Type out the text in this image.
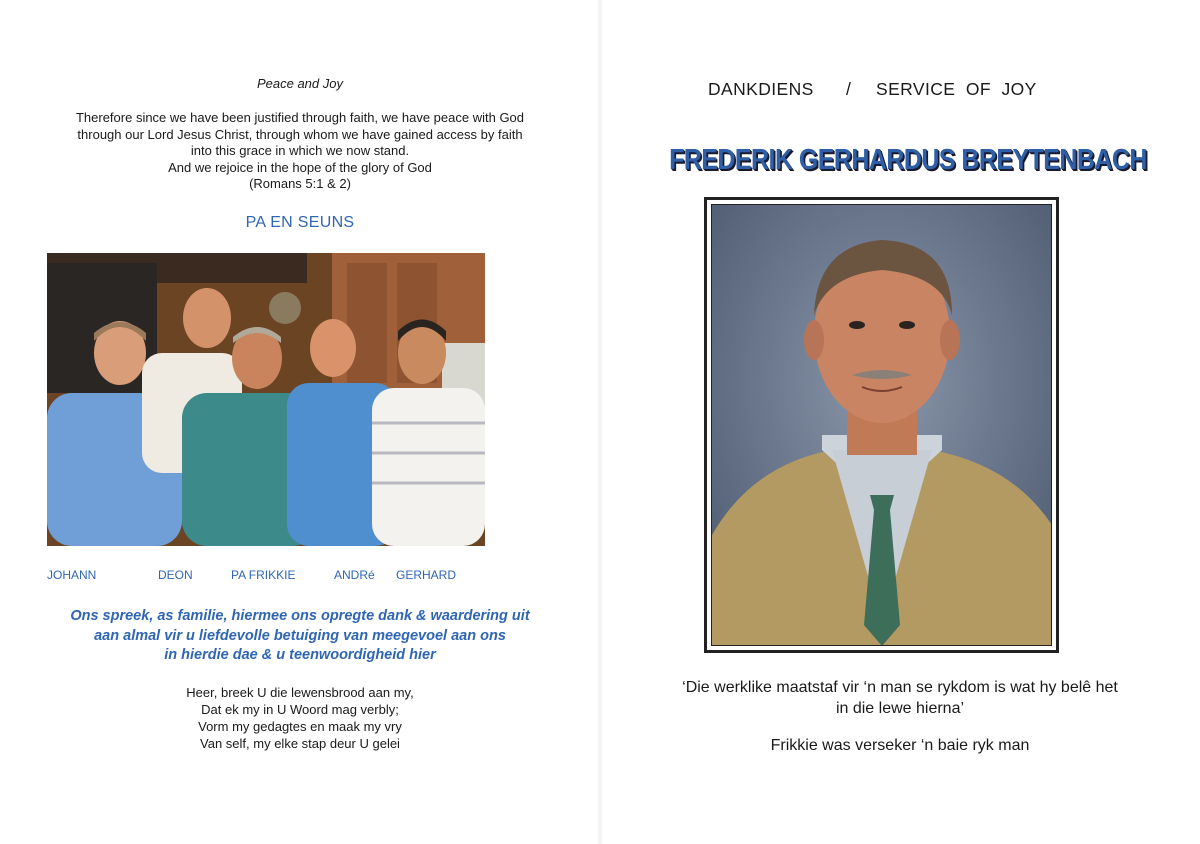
Peace and Joy
Therefore since we have been justified through faith, we have peace with God
through our Lord Jesus Christ, through whom we have gained access by faith
into this grace in which we now stand.
And we rejoice in the hope of the glory of God
(Romans 5:1 & 2)
PA EN SEUNS
JOHANN	DEON	PA FRIKKIE	ANDRé GERHARD
Ons spreek, as familie, hiermee ons opregte dank & waardering uit
aan almal vir u liefdevolle betuiging van meegevoel aan ons
in hierdie dae & u teenwoordigheid hier
Heer, breek U die lewensbrood aan my,
Dat ek my in U Woord mag verbly;
Vorm my gedagtes en maak my vry
Van self, my elke stap deur U gelei
DANKDIENS / SERVICE  OF  JOY
FREDERIK GERHARDUS BREYTENBACH
‘Die werklike maatstaf vir ‘n man se rykdom is wat hy belê het
in die lewe hierna’
Frikkie was verseker ‘n baie ryk man
